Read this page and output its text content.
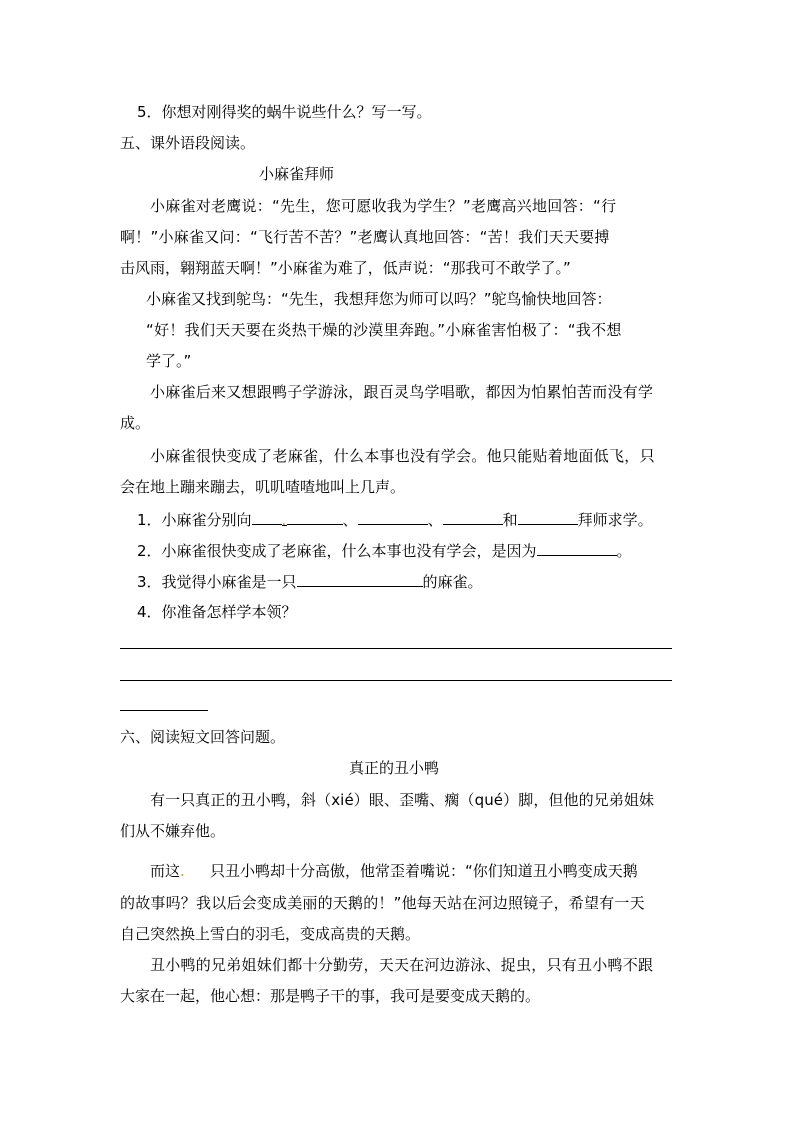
5．你想对刚得奖的蜗牛说些什么？写一写。
五、课外语段阅读。
小麻雀拜师
小麻雀对老鹰说：“先生，您可愿收我为学生？”老鹰高兴地回答：“行
啊！”小麻雀又问：“飞行苦不苦？”老鹰认真地回答：“苦！我们天天要搏
击风雨，翱翔蓝天啊！”小麻雀为难了，低声说：“那我可不敢学了。”
小麻雀又找到鸵鸟：“先生，我想拜您为师可以吗？”鸵鸟愉快地回答：
“好！我们天天要在炎热干燥的沙漠里奔跑。”小麻雀害怕极了：“我不想
学了。”
小麻雀后来又想跟鸭子学游泳，跟百灵鸟学唱歌，都因为怕累怕苦而没有学
成。
小麻雀很快变成了老麻雀，什么本事也没有学会。他只能贴着地面低飞，只
会在地上蹦来蹦去，叽叽喳喳地叫上几声。
1．小麻雀分别向 .	、	、	和	拜师求学。
2．小麻雀很快变成了老麻雀，什么本事也没有学会，是因为	。
3．我觉得小麻雀是一只	的麻雀。
4．你准备怎样学本领？
六、阅读短文回答问题。
真正的丑小鸭
有一只真正的丑小鸭，斜（xié）眼、歪嘴、瘸（qué）脚，但他的兄弟姐妹
们从不嫌弃他。
而这. 只丑小鸭却十分高傲，他常歪着嘴说：“你们知道丑小鸭变成天鹅
的故事吗？我以后会变成美丽的天鹅的！”他每天站在河边照镜子，希望有一天
自己突然换上雪白的羽毛，变成高贵的天鹅。
丑小鸭的兄弟姐妹们都十分勤劳，天天在河边游泳、捉虫，只有丑小鸭不跟
大家在一起，他心想：那是鸭子干的事，我可是要变成天鹅的。
